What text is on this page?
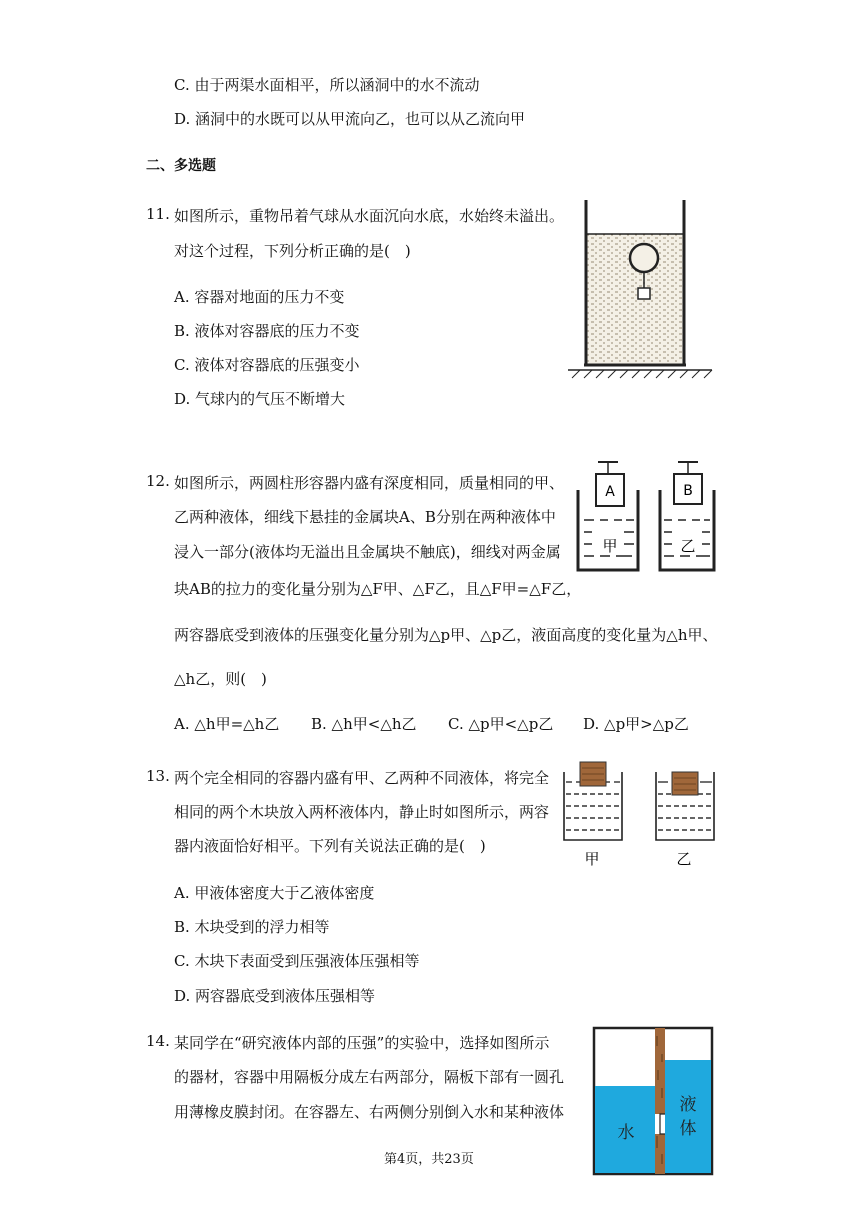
C. 由于两渠水面相平，所以涵洞中的水不流动
D. 涵洞中的水既可以从甲流向乙，也可以从乙流向甲
二、多选题
11. 如图所示，重物吊着气球从水面沉向水底，水始终未溢出。
对这个过程，下列分析正确的是(　)
A. 容器对地面的压力不变
B. 液体对容器底的压力不变
C. 液体对容器底的压强变小
D. 气球内的气压不断增大
12. 如图所示，两圆柱形容器内盛有深度相同，质量相同的甲、
乙两种液体，细线下悬挂的金属块A、B分别在两种液体中
浸入一部分(液体均无溢出且金属块不触底)，细线对两金属
块AB的拉力的变化量分别为△F甲、△F乙，且△F甲=△F乙，
两容器底受到液体的压强变化量分别为△p甲、△p乙，液面高度的变化量为△h甲、
△h乙，则(　)
A. △h甲=△h乙 B. △h甲<△h乙 C. △p甲<△p乙 D. △p甲>△p乙
A
甲
B
乙
13. 两个完全相同的容器内盛有甲、乙两种不同液体，将完全
相同的两个木块放入两杯液体内，静止时如图所示，两容
器内液面恰好相平。下列有关说法正确的是(　)
A. 甲液体密度大于乙液体密度
B. 木块受到的浮力相等
C. 木块下表面受到压强液体压强相等
D. 两容器底受到液体压强相等
甲	乙
14. 某同学在“研究液体内部的压强”的实验中，选择如图所示
的器材，容器中用隔板分成左右两部分，隔板下部有一圆孔
用薄橡皮膜封闭。在容器左、右两侧分别倒入水和某种液体
水
液
体
第4页，共23页
